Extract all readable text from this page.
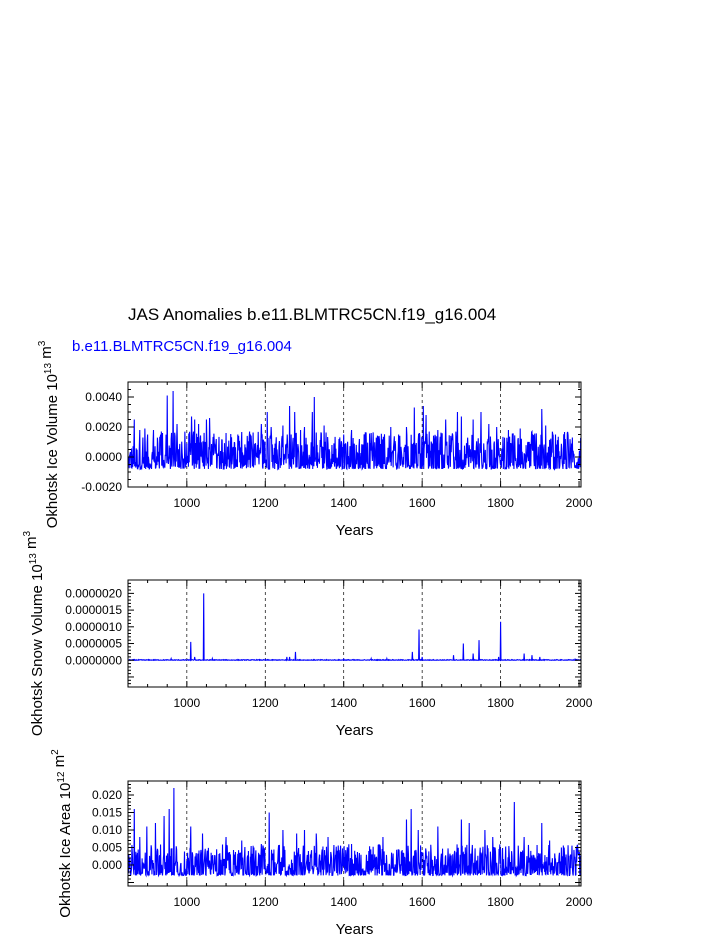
JAS Anomalies b.e11.BLMTRC5CN.f19_g16.004
b.e11.BLMTRC5CN.f19_g16.004
1000	1200	1400	1600	1800	2000
-0.0020
0.0000
0.0020
0.0040
Years
Okhotsk Ice Volume $10^{13}$ $m^3$
1000	1200	1400	1600	1800	2000
0.0000000
0.0000005
0.0000010
0.0000015
0.0000020
Years
Okhotsk Snow Volume $10^{13}$ $m^3$
1000	1200	1400	1600	1800	2000
0.000
0.005
0.010
0.015
0.020
Years
Okhotsk Ice Area $10^{12}$ $m^2$
